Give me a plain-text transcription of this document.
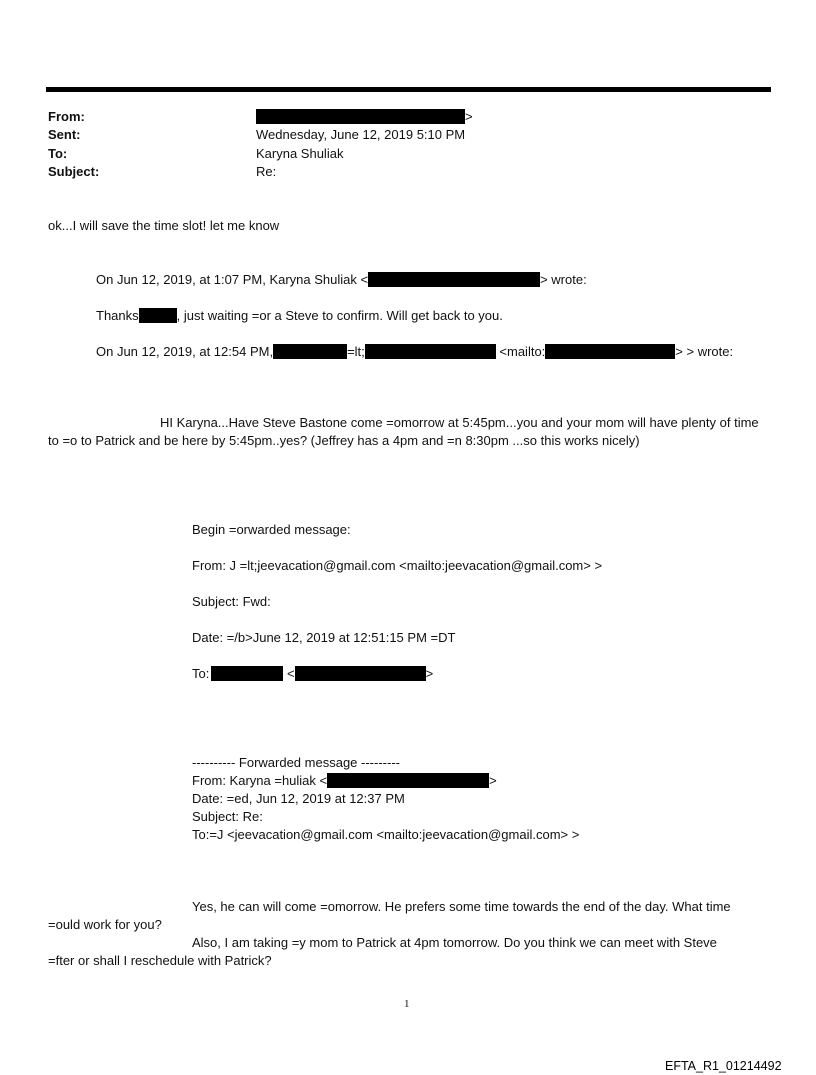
From:	>
Sent:	Wednesday, June 12, 2019 5:10 PM
To:	Karyna Shuliak
Subject:	Re:
ok...I will save the time slot! let me know
On Jun 12, 2019, at 1:07 PM, Karyna Shuliak <	> wrote:
Thanks	, just waiting =or a Steve to confirm. Will get back to you.
On Jun 12, 2019, at 12:54 PM,	=lt;	<mailto:	> > wrote:
HI Karyna...Have Steve Bastone come =omorrow at 5:45pm...you and your mom will have plenty of time
to =o to Patrick and be here by 5:45pm..yes? (Jeffrey has a 4pm and =n 8:30pm ...so this works nicely)
Begin =orwarded message:
From: J =lt;jeevacation@gmail.com <mailto:jeevacation@gmail.com> >
Subject: Fwd:
Date: =/b>June 12, 2019 at 12:51:15 PM =DT
To:	<	>
---------- Forwarded message ---------
From: Karyna =huliak <	>
Date: =ed, Jun 12, 2019 at 12:37 PM
Subject: Re:
To:=J <jeevacation@gmail.com <mailto:jeevacation@gmail.com> >
Yes, he can will come =omorrow. He prefers some time towards the end of the day. What time
=ould work for you?
Also, I am taking =y mom to Patrick at 4pm tomorrow. Do you think we can meet with Steve
=fter or shall I reschedule with Patrick?
1
EFTA_R1_01214492
